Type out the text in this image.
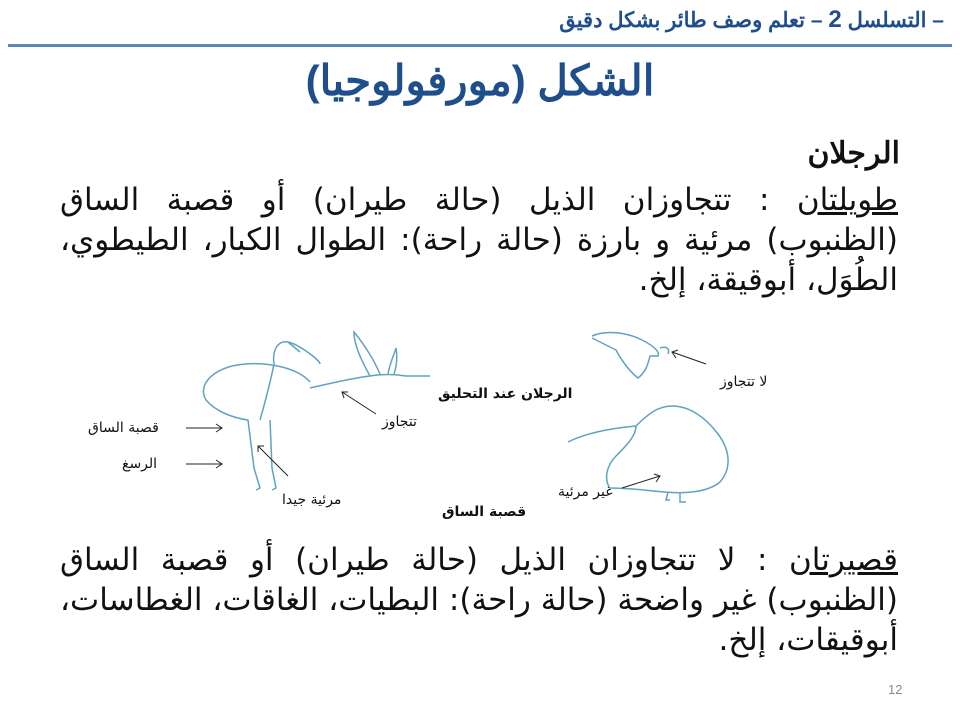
– التسلسل 2 – تعلم وصف طائر بشكل دقيق
الشكل (مورفولوجيا)
الرجلان
طويلتان : تتجاوزان الذيل (حالة طيران) أو قصبة الساق (الظنبوب) مرئية و بارزة (حالة راحة): الطوال الكبار، الطيطوي، الطُوَل، أبوقيقة، إلخ.
قصبة الساق
الرسغ
تتجاوز
مرئية جيدا
الرجلان عند التحليق
قصبة الساق
لا تتجاوز
غير مرئية
قصيرتان : لا تتجاوزان الذيل (حالة طيران) أو قصبة الساق (الظنبوب) غير واضحة (حالة راحة): البطيات، الغاقات، الغطاسات، أبوقيقات، إلخ.
12
